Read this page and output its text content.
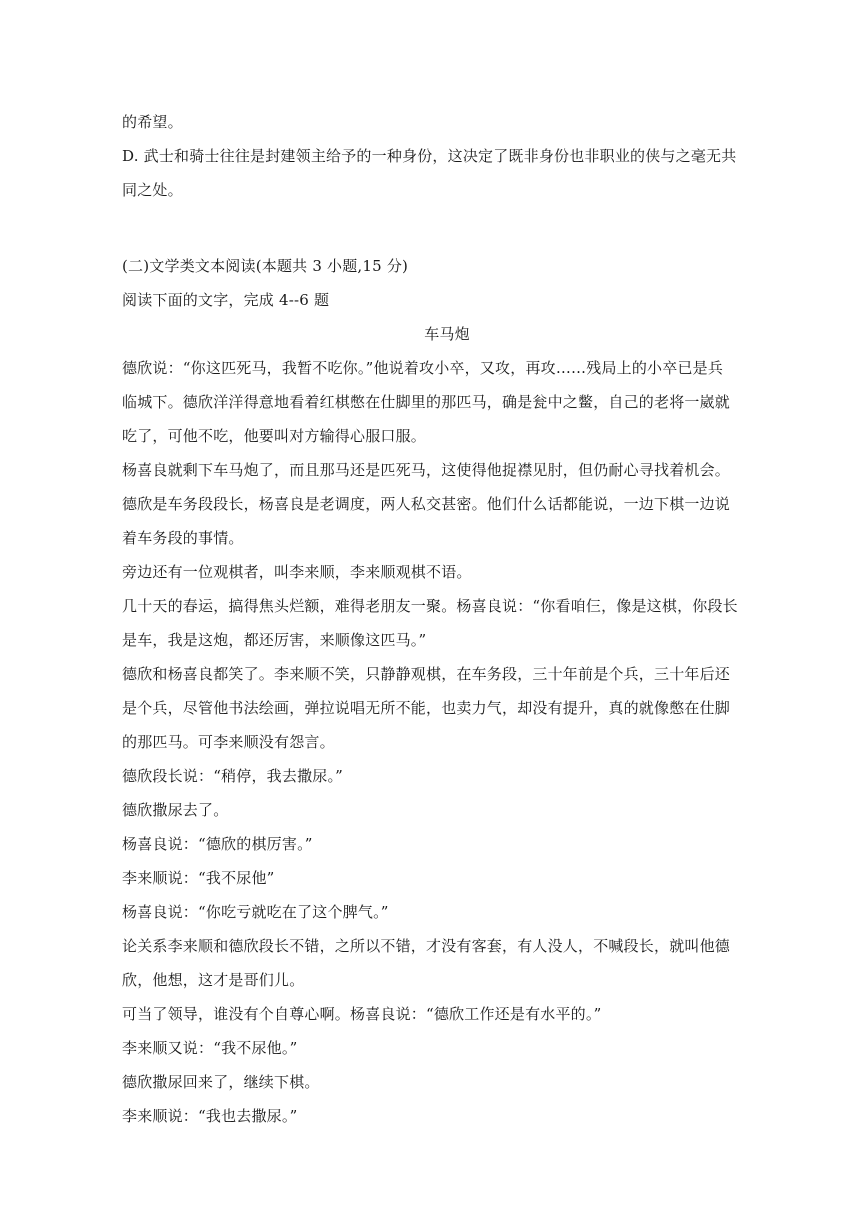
的希望。
D. 武士和骑士往往是封建领主给予的一种身份，这决定了既非身份也非职业的侠与之毫无共
同之处。
(二)文学类文本阅读(本题共 3 小题,15 分)
阅读下面的文字，完成 4--6 题
车马炮
德欣说：“你这匹死马，我暂不吃你。”他说着攻小卒，又攻，再攻……残局上的小卒已是兵
临城下。德欣洋洋得意地看着红棋憋在仕脚里的那匹马，确是瓮中之鳖，自己的老将一崴就
吃了，可他不吃，他要叫对方输得心服口服。
杨喜良就剩下车马炮了，而且那马还是匹死马，这使得他捉襟见肘，但仍耐心寻找着机会。
德欣是车务段段长，杨喜良是老调度，两人私交甚密。他们什么话都能说，一边下棋一边说
着车务段的事情。
旁边还有一位观棋者，叫李来顺，李来顺观棋不语。
几十天的春运，搞得焦头烂额，难得老朋友一聚。杨喜良说：“你看咱仨，像是这棋，你段长
是车，我是这炮，都还厉害，来顺像这匹马。”
德欣和杨喜良都笑了。李来顺不笑，只静静观棋，在车务段，三十年前是个兵，三十年后还
是个兵，尽管他书法绘画，弹拉说唱无所不能，也卖力气，却没有提升，真的就像憋在仕脚
的那匹马。可李来顺没有怨言。
德欣段长说：“稍停，我去撒尿。”
德欣撒尿去了。
杨喜良说：“德欣的棋厉害。”
李来顺说：“我不尿他”
杨喜良说：“你吃亏就吃在了这个脾气。”
论关系李来顺和德欣段长不错，之所以不错，才没有客套，有人没人，不喊段长，就叫他德
欣，他想，这才是哥们儿。
可当了领导，谁没有个自尊心啊。杨喜良说：“德欣工作还是有水平的。”
李来顺又说：“我不尿他。”
德欣撒尿回来了，继续下棋。
李来顺说：“我也去撒尿。”
